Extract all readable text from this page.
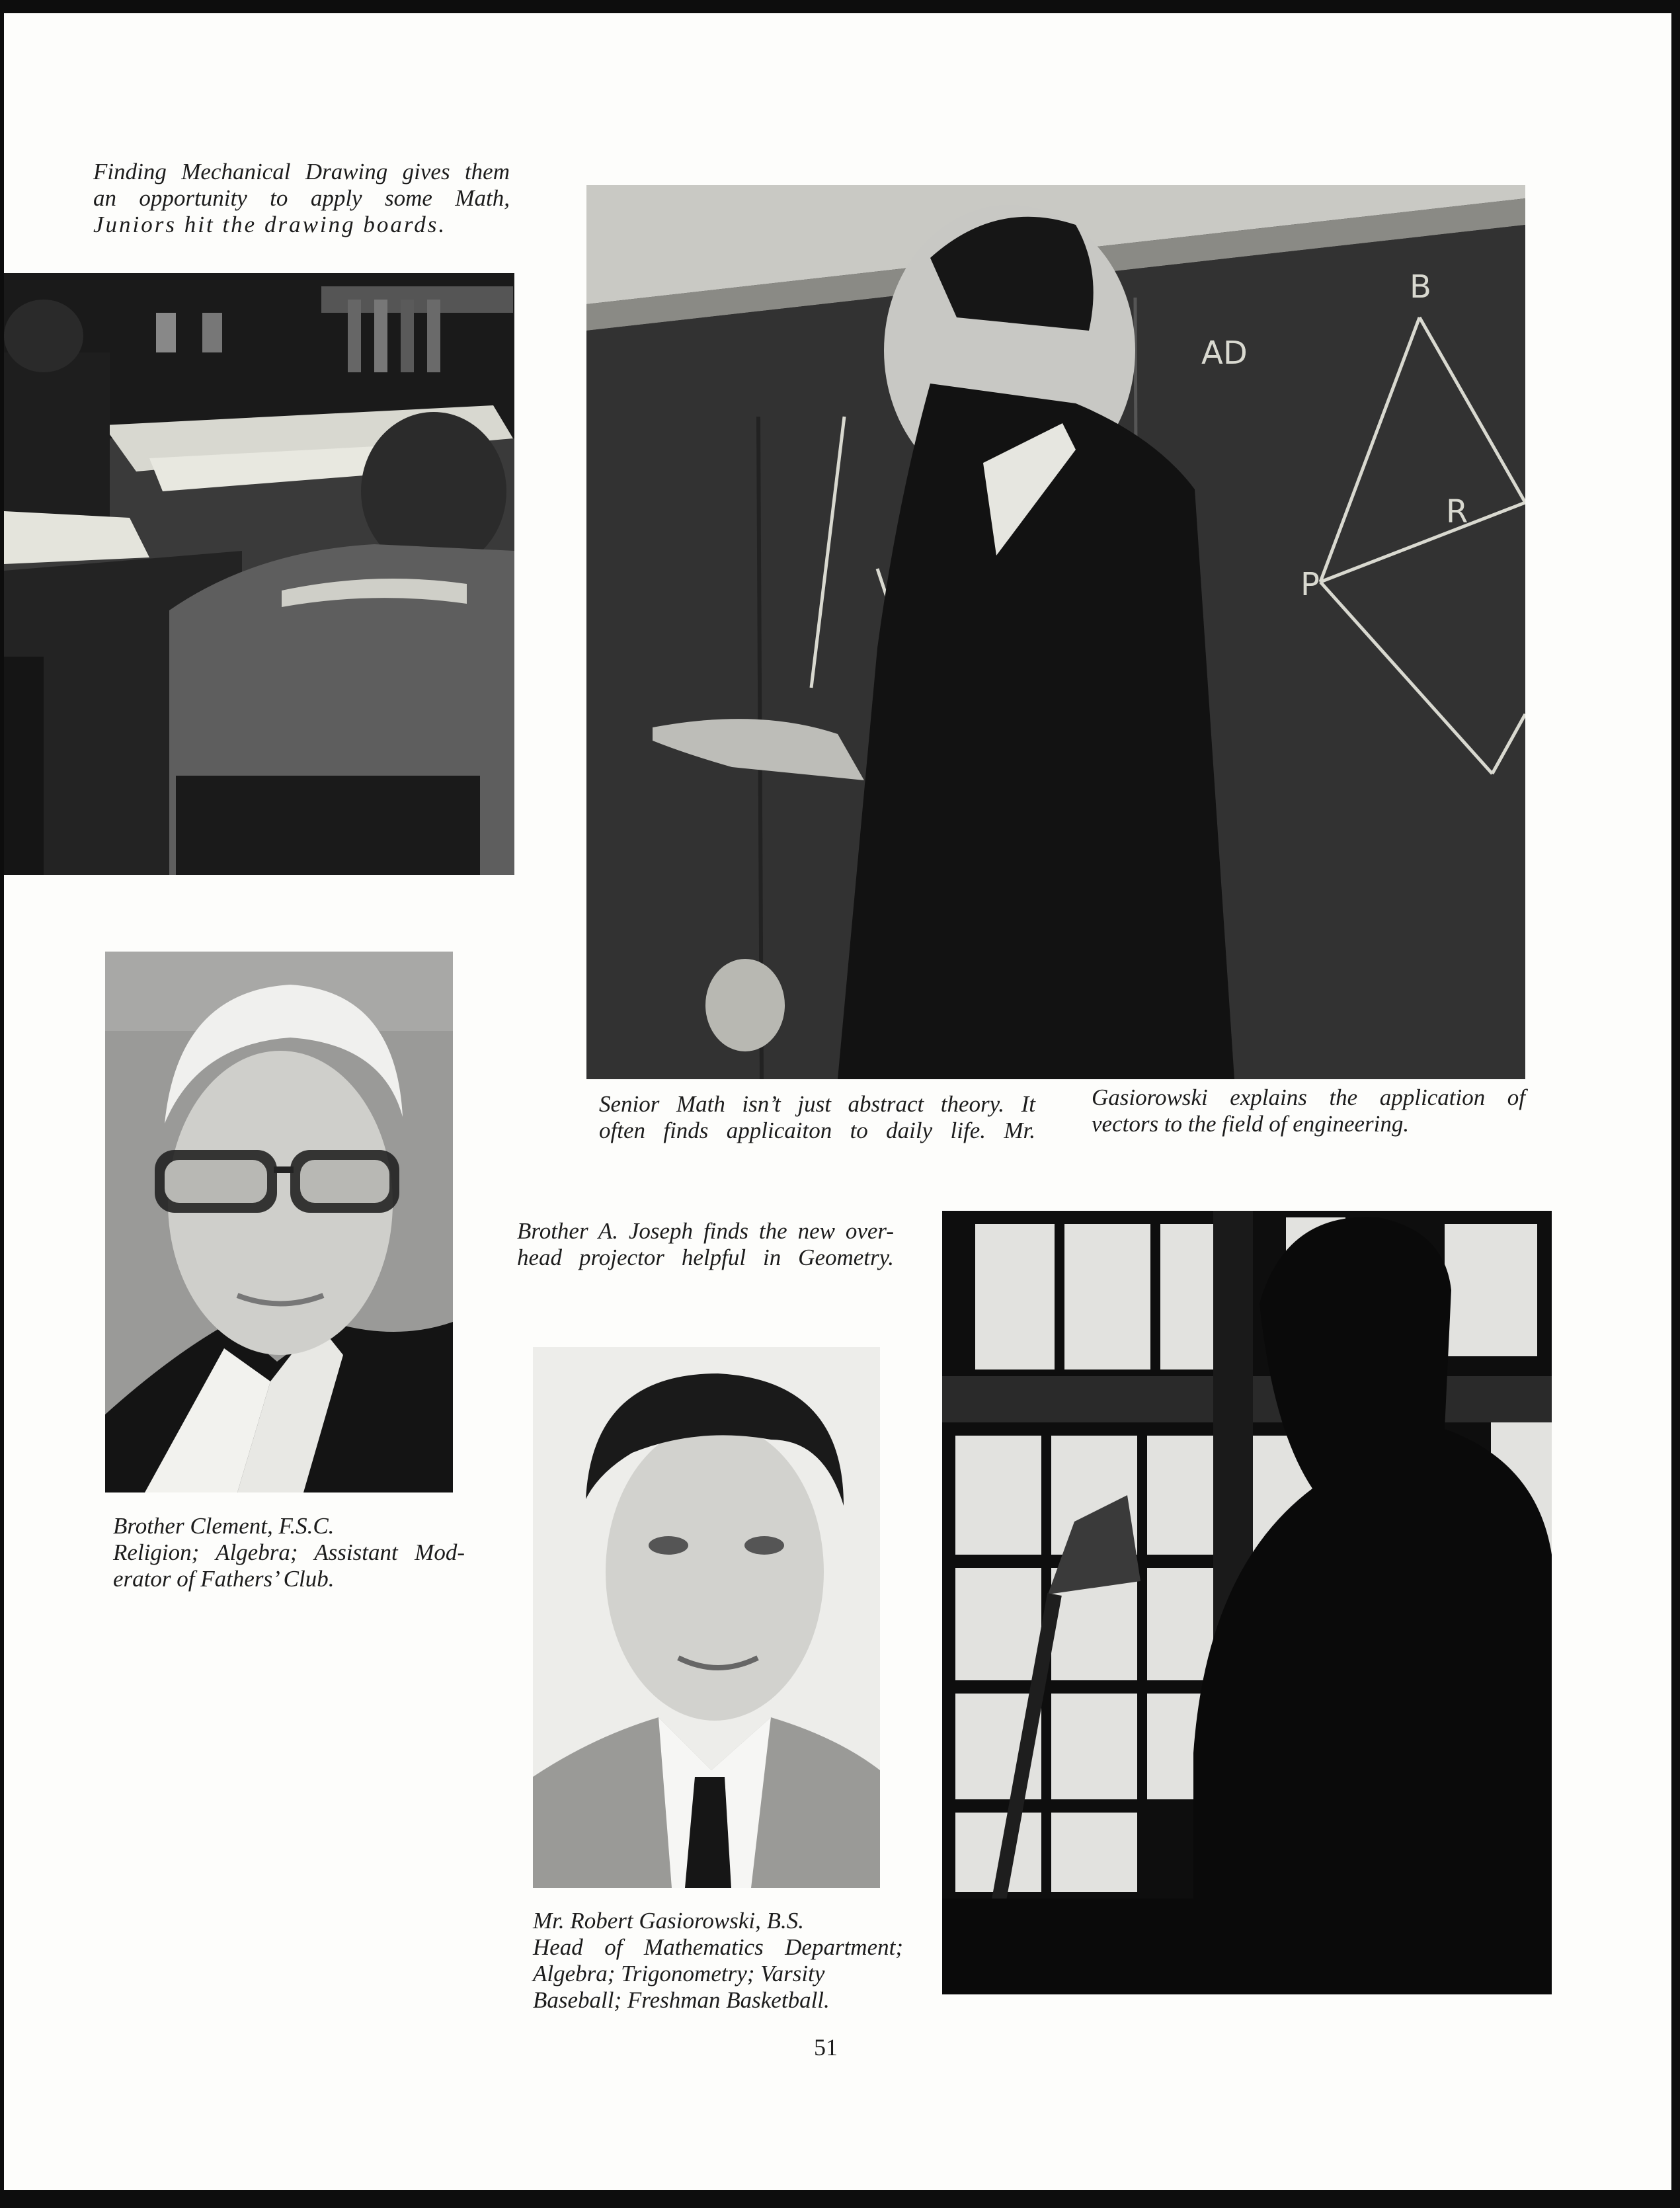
Finding Mechanical Drawing gives them
an opportunity to apply some Math,
Juniors hit the drawing boards.
AD
B
P
R
Senior Math isn’t just abstract theory. It
often finds applicaiton to daily life. Mr.
Gasiorowski explains the application of
vectors to the field of engineering.
Brother A. Joseph finds the new over-
head projector helpful in Geometry.
Brother Clement, F.S.C.
Religion; Algebra; Assistant Mod-
erator of Fathers’ Club.
Mr. Robert Gasiorowski, B.S.
Head of Mathematics Department;
Algebra; Trigonometry; Varsity
Baseball; Freshman Basketball.
51
